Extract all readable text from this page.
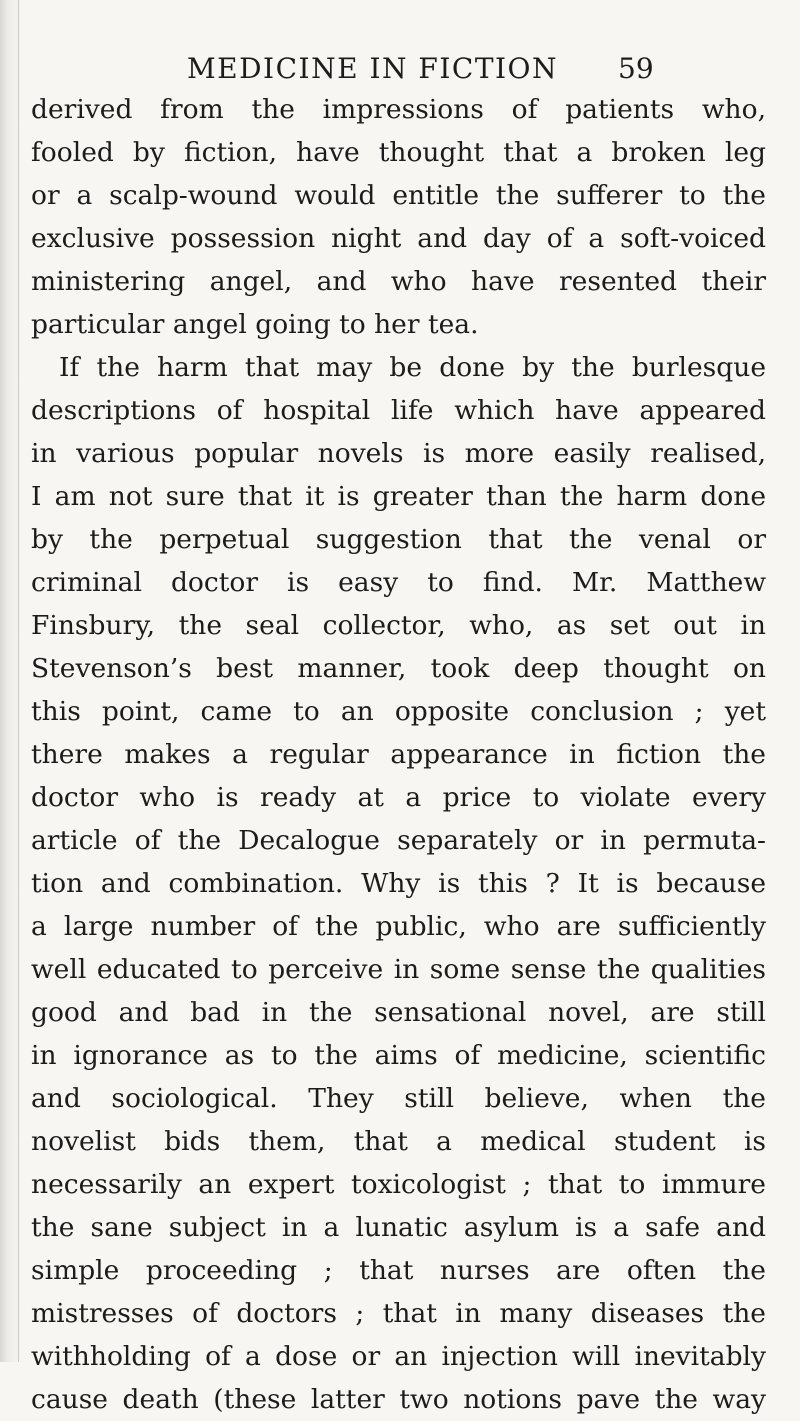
MEDICINE IN FICTION 59
derived from the impressions of patients who,
fooled by fiction, have thought that a broken leg
or a scalp-wound would entitle the sufferer to the
exclusive possession night and day of a soft-voiced
ministering angel, and who have resented their
particular angel going to her tea.
If the harm that may be done by the burlesque
descriptions of hospital life which have appeared
in various popular novels is more easily realised,
I am not sure that it is greater than the harm done
by the perpetual suggestion that the venal or
criminal doctor is easy to find. Mr. Matthew
Finsbury, the seal collector, who, as set out in
Stevenson’s best manner, took deep thought on
this point, came to an opposite conclusion ; yet
there makes a regular appearance in fiction the
doctor who is ready at a price to violate every
article of the Decalogue separately or in permuta-
tion and combination. Why is this ? It is because
a large number of the public, who are sufficiently
well educated to perceive in some sense the qualities
good and bad in the sensational novel, are still
in ignorance as to the aims of medicine, scientific
and sociological. They still believe, when the
novelist bids them, that a medical student is
necessarily an expert toxicologist ; that to immure
the sane subject in a lunatic asylum is a safe and
simple proceeding ; that nurses are often the
mistresses of doctors ; that in many diseases the
withholding of a dose or an injection will inevitably
cause death (these latter two notions pave the way
